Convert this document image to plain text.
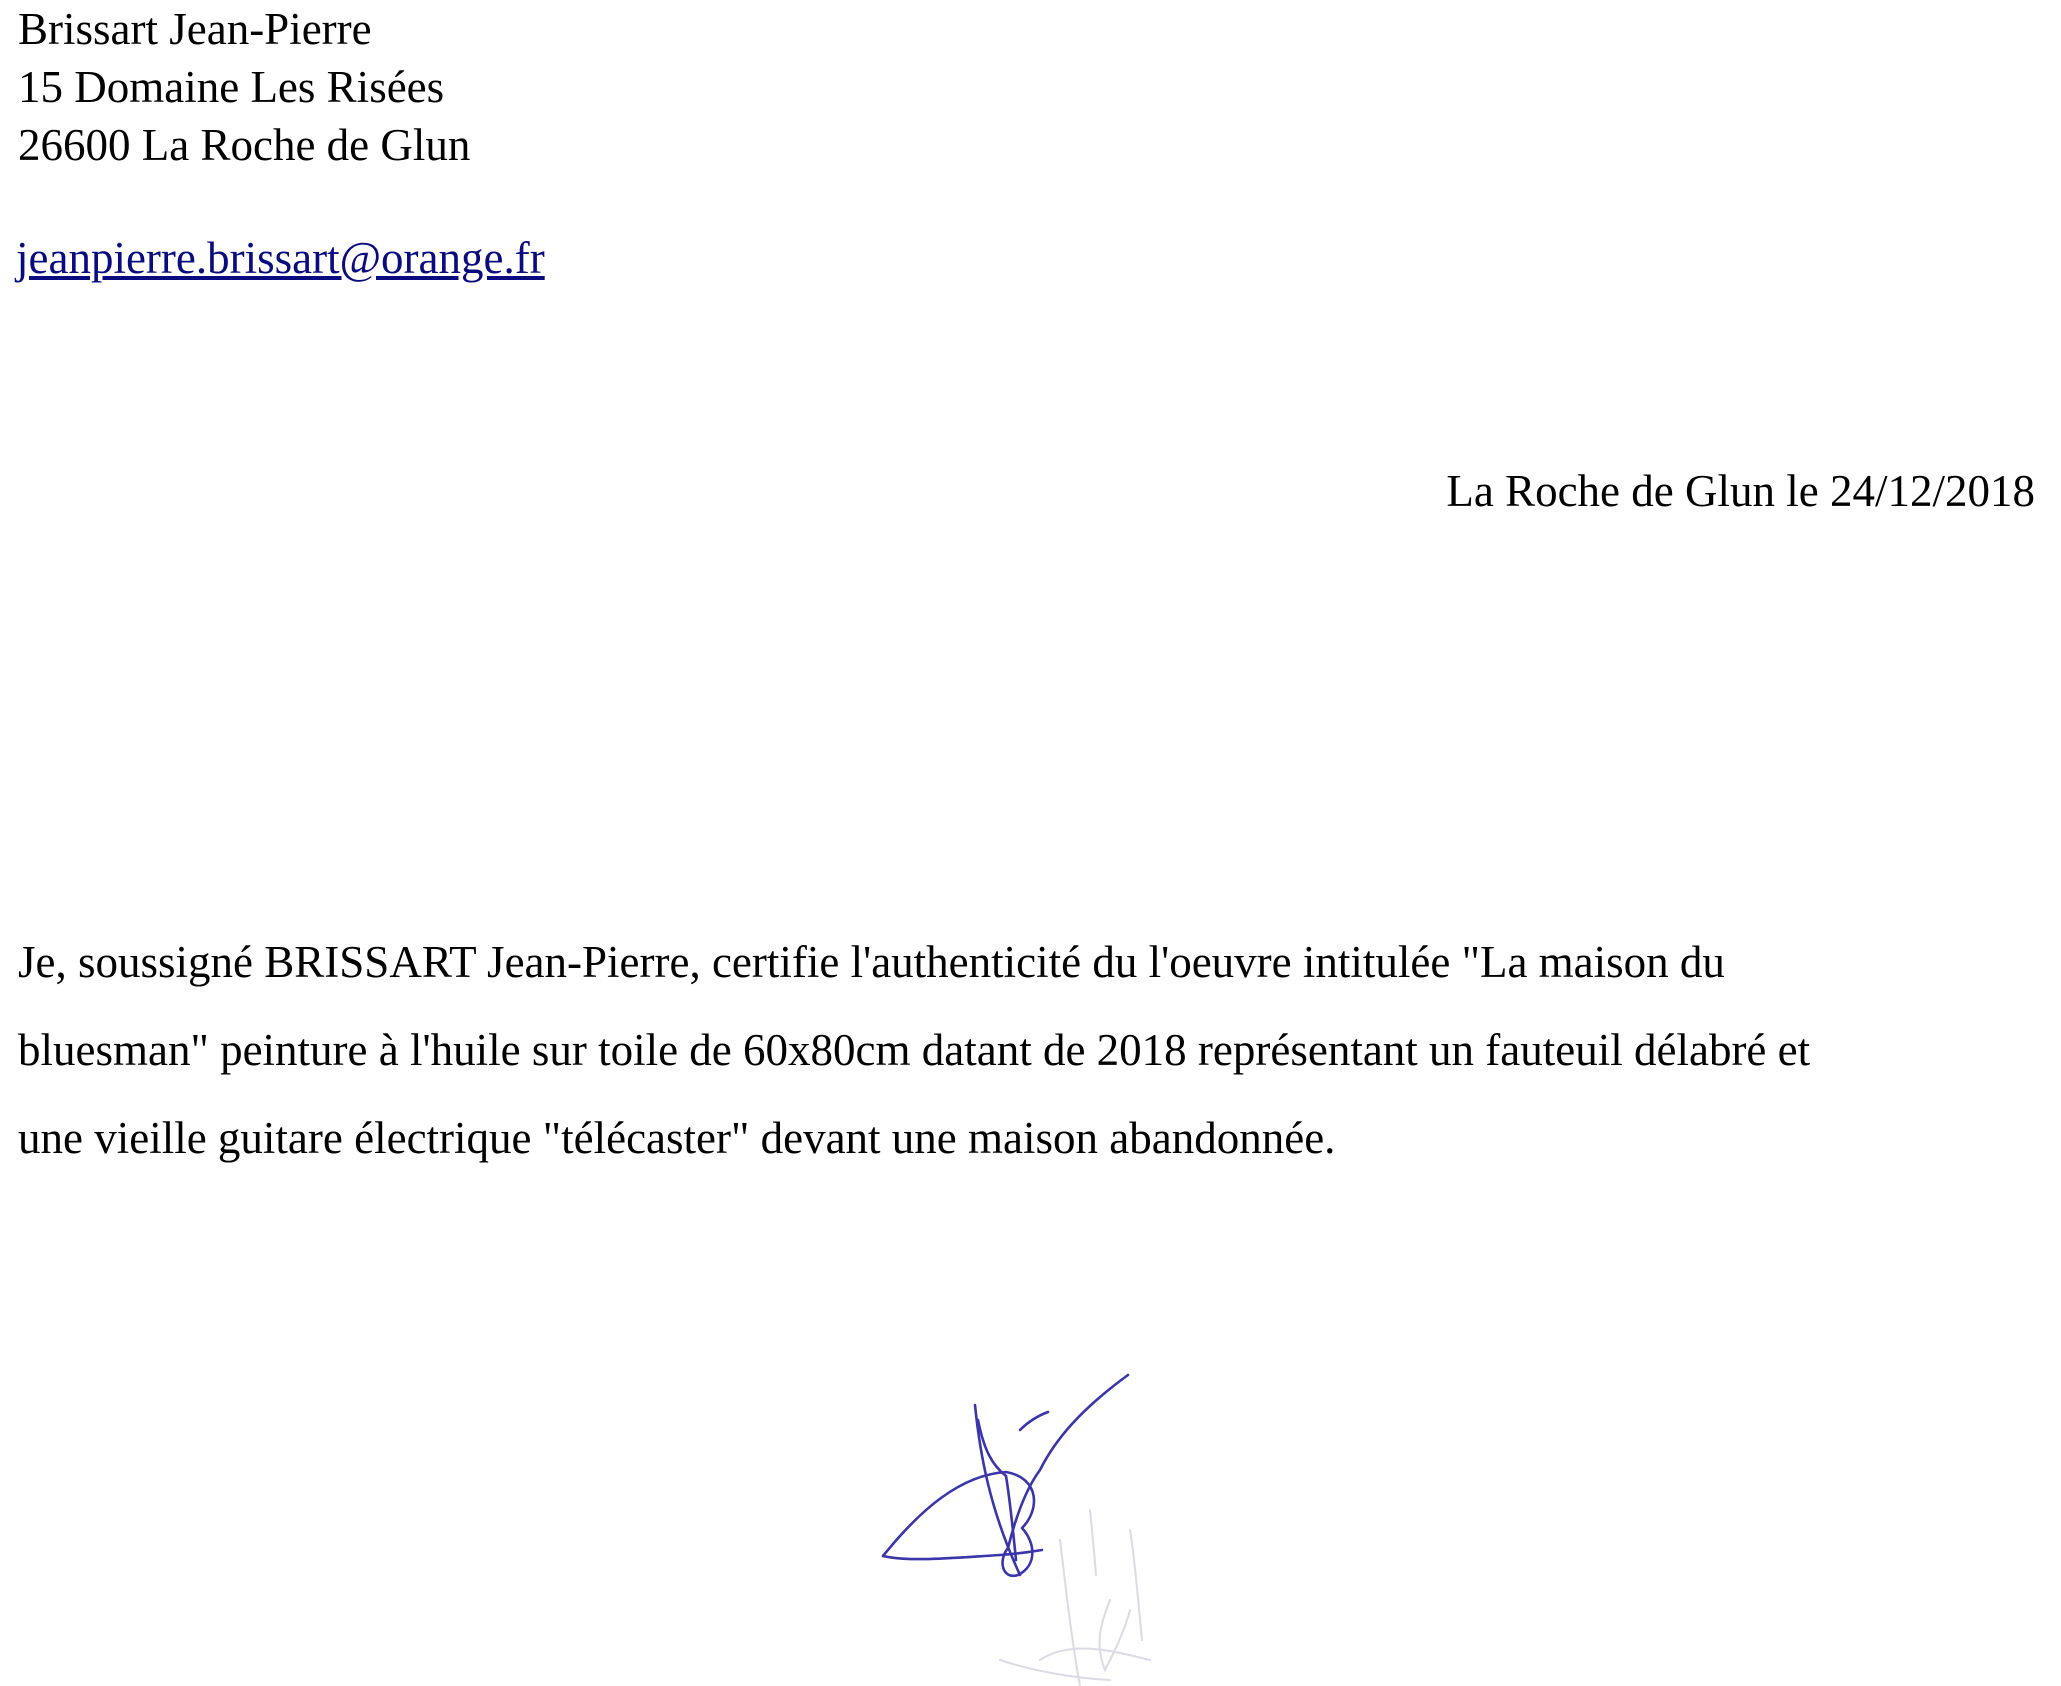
Brissart Jean-Pierre
15 Domaine Les Risées
26600 La Roche de Glun
jeanpierre.brissart@orange.fr
La Roche de Glun le 24/12/2018
Je, soussigné BRISSART Jean-Pierre, certifie l'authenticité du l'oeuvre intitulée "La maison du
bluesman" peinture à l'huile sur toile de 60x80cm datant de 2018 représentant un fauteuil délabré et
une vieille guitare électrique "télécaster" devant une maison abandonnée.
